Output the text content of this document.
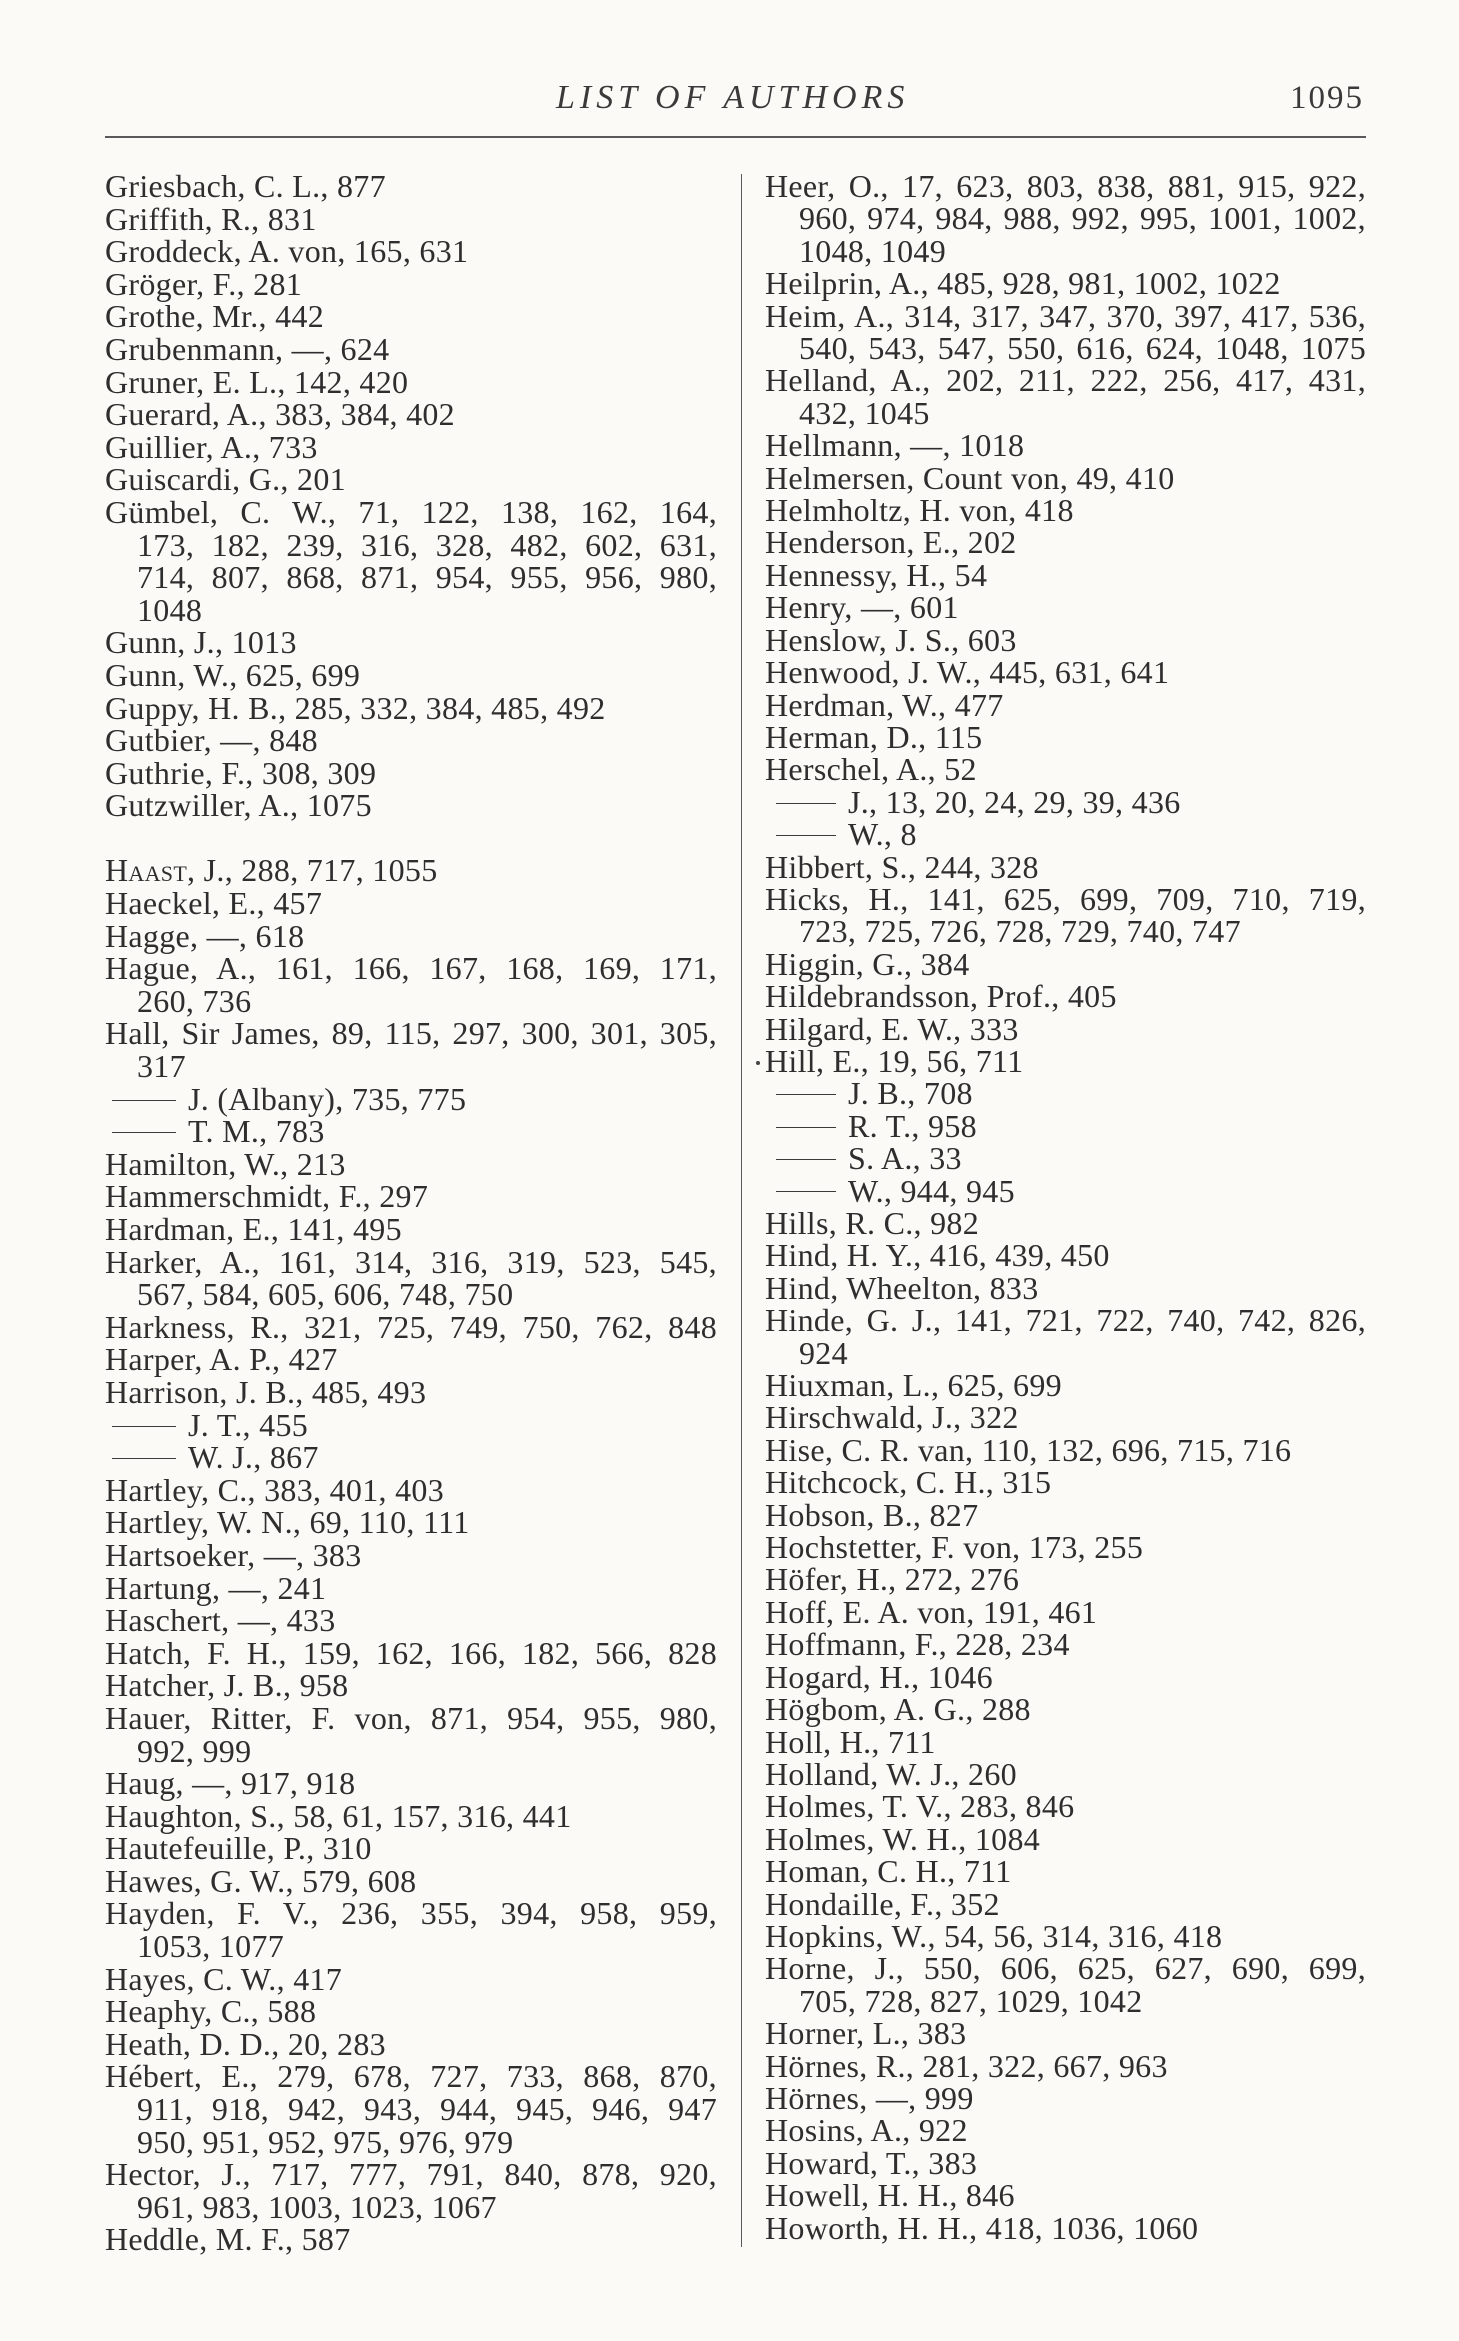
LIST OF AUTHORS	1095
Griesbach, C. L., 877
Griffith, R., 831
Groddeck, A. von, 165, 631
Gröger, F., 281
Grothe, Mr., 442
Grubenmann, —, 624
Gruner, E. L., 142, 420
Guerard, A., 383, 384, 402
Guillier, A., 733
Guiscardi, G., 201
Gümbel, C. W., 71, 122, 138, 162, 164,
173, 182, 239, 316, 328, 482, 602, 631,
714, 807, 868, 871, 954, 955, 956, 980,
1048
Gunn, J., 1013
Gunn, W., 625, 699
Guppy, H. B., 285, 332, 384, 485, 492
Gutbier, —, 848
Guthrie, F., 308, 309
Gutzwiller, A., 1075
Haast, J., 288, 717, 1055
Haeckel, E., 457
Hagge, —, 618
Hague, A., 161, 166, 167, 168, 169, 171,
260, 736
Hall, Sir James, 89, 115, 297, 300, 301, 305,
317
J. (Albany), 735, 775
T. M., 783
Hamilton, W., 213
Hammerschmidt, F., 297
Hardman, E., 141, 495
Harker, A., 161, 314, 316, 319, 523, 545,
567, 584, 605, 606, 748, 750
Harkness, R., 321, 725, 749, 750, 762, 848
Harper, A. P., 427
Harrison, J. B., 485, 493
J. T., 455
W. J., 867
Hartley, C., 383, 401, 403
Hartley, W. N., 69, 110, 111
Hartsoeker, —, 383
Hartung, —, 241
Haschert, —, 433
Hatch, F. H., 159, 162, 166, 182, 566, 828
Hatcher, J. B., 958
Hauer, Ritter, F. von, 871, 954, 955, 980,
992, 999
Haug, —, 917, 918
Haughton, S., 58, 61, 157, 316, 441
Hautefeuille, P., 310
Hawes, G. W., 579, 608
Hayden, F. V., 236, 355, 394, 958, 959,
1053, 1077
Hayes, C. W., 417
Heaphy, C., 588
Heath, D. D., 20, 283
Hébert, E., 279, 678, 727, 733, 868, 870,
911, 918, 942, 943, 944, 945, 946, 947
950, 951, 952, 975, 976, 979
Hector, J., 717, 777, 791, 840, 878, 920,
961, 983, 1003, 1023, 1067
Heddle, M. F., 587
Heer, O., 17, 623, 803, 838, 881, 915, 922,
960, 974, 984, 988, 992, 995, 1001, 1002,
1048, 1049
Heilprin, A., 485, 928, 981, 1002, 1022
Heim, A., 314, 317, 347, 370, 397, 417, 536,
540, 543, 547, 550, 616, 624, 1048, 1075
Helland, A., 202, 211, 222, 256, 417, 431,
432, 1045
Hellmann, —, 1018
Helmersen, Count von, 49, 410
Helmholtz, H. von, 418
Henderson, E., 202
Hennessy, H., 54
Henry, —, 601
Henslow, J. S., 603
Henwood, J. W., 445, 631, 641
Herdman, W., 477
Herman, D., 115
Herschel, A., 52
J., 13, 20, 24, 29, 39, 436
W., 8
Hibbert, S., 244, 328
Hicks, H., 141, 625, 699, 709, 710, 719,
723, 725, 726, 728, 729, 740, 747
Higgin, G., 384
Hildebrandsson, Prof., 405
Hilgard, E. W., 333
Hill, E., 19, 56, 711
J. B., 708
R. T., 958
S. A., 33
W., 944, 945
Hills, R. C., 982
Hind, H. Y., 416, 439, 450
Hind, Wheelton, 833
Hinde, G. J., 141, 721, 722, 740, 742, 826,
924
Hiuxman, L., 625, 699
Hirschwald, J., 322
Hise, C. R. van, 110, 132, 696, 715, 716
Hitchcock, C. H., 315
Hobson, B., 827
Hochstetter, F. von, 173, 255
Höfer, H., 272, 276
Hoff, E. A. von, 191, 461
Hoffmann, F., 228, 234
Hogard, H., 1046
Högbom, A. G., 288
Holl, H., 711
Holland, W. J., 260
Holmes, T. V., 283, 846
Holmes, W. H., 1084
Homan, C. H., 711
Hondaille, F., 352
Hopkins, W., 54, 56, 314, 316, 418
Horne, J., 550, 606, 625, 627, 690, 699,
705, 728, 827, 1029, 1042
Horner, L., 383
Hörnes, R., 281, 322, 667, 963
Hörnes, —, 999
Hosins, A., 922
Howard, T., 383
Howell, H. H., 846
Howorth, H. H., 418, 1036, 1060
